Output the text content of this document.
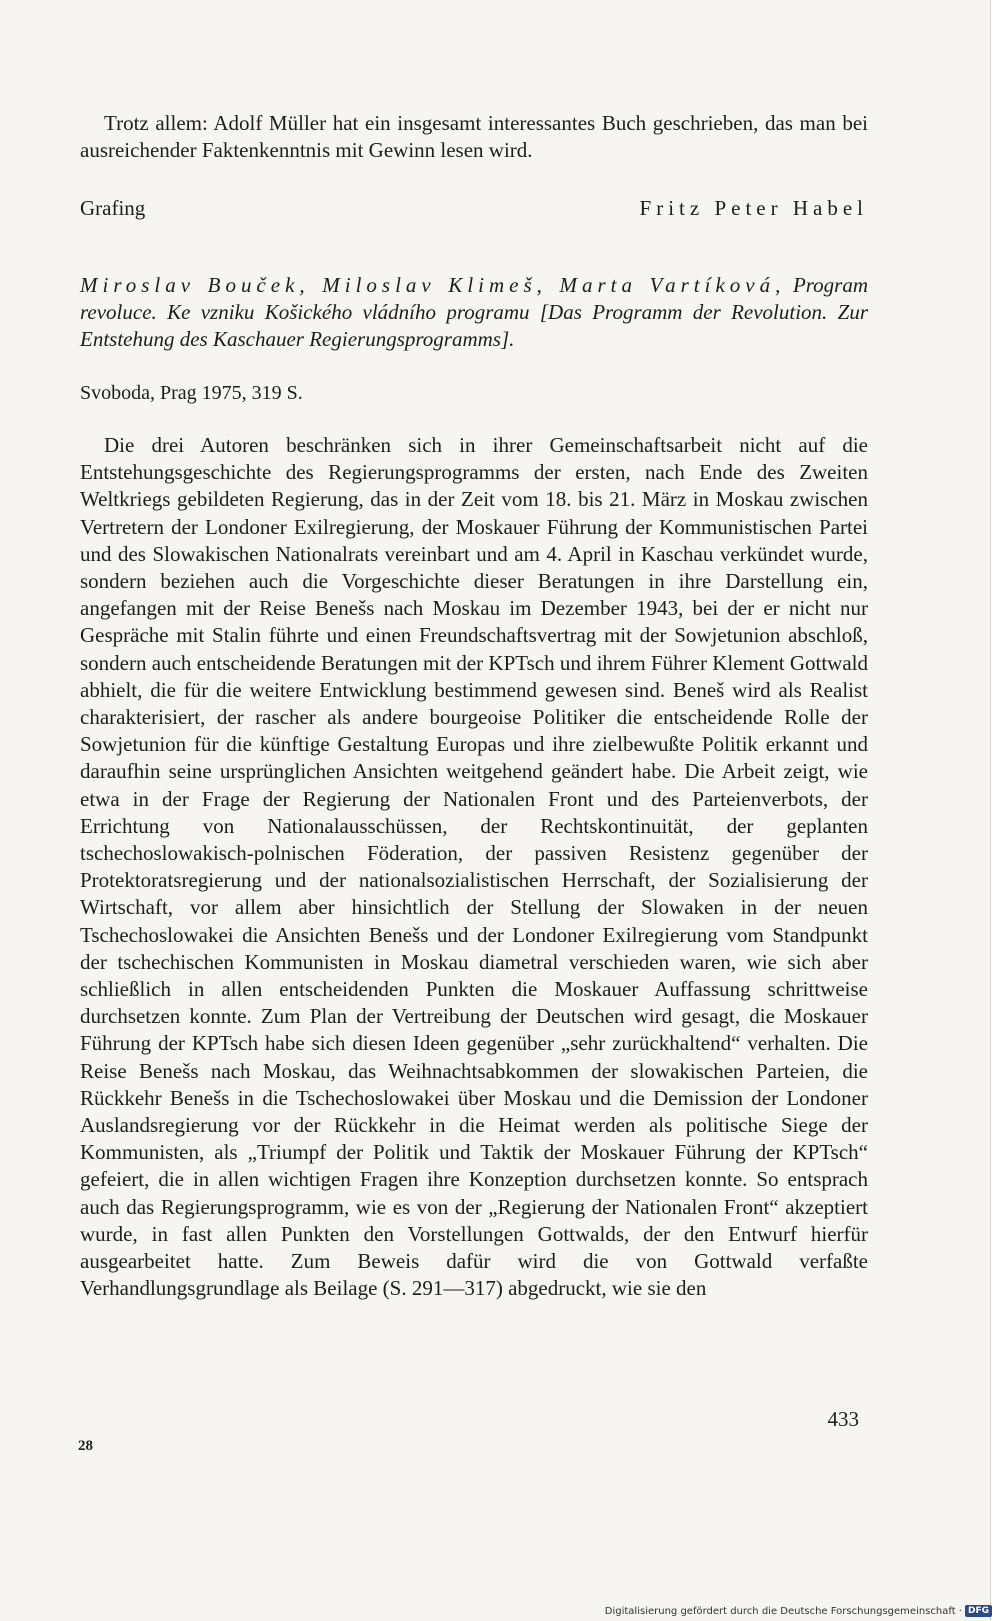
Trotz allem: Adolf Müller hat ein insgesamt interessantes Buch geschrieben, das man bei ausreichender Faktenkenntnis mit Gewinn lesen wird.

Grafing	Fritz Peter Habel

Miroslav Bouček, Miloslav Klimeš, Marta Vartíková, Program revoluce. Ke vzniku Košického vládního programu [Das Programm der Revolution. Zur Entstehung des Kaschauer Regierungsprogramms].

Svoboda, Prag 1975, 319 S.

Die drei Autoren beschränken sich in ihrer Gemeinschaftsarbeit nicht auf die Entstehungsgeschichte des Regierungsprogramms der ersten, nach Ende des Zweiten Weltkriegs gebildeten Regierung, das in der Zeit vom 18. bis 21. März in Moskau zwischen Vertretern der Londoner Exilregierung, der Moskauer Führung der Kommunistischen Partei und des Slowakischen Nationalrats vereinbart und am 4. April in Kaschau verkündet wurde, sondern beziehen auch die Vorgeschichte dieser Beratungen in ihre Darstellung ein, angefangen mit der Reise Benešs nach Moskau im Dezember 1943, bei der er nicht nur Gespräche mit Stalin führte und einen Freundschaftsvertrag mit der Sowjetunion abschloß, sondern auch entscheidende Beratungen mit der KPTsch und ihrem Führer Klement Gottwald abhielt, die für die weitere Entwicklung bestimmend gewesen sind. Beneš wird als Realist charakterisiert, der rascher als andere bourgeoise Politiker die entscheidende Rolle der Sowjetunion für die künftige Gestaltung Europas und ihre zielbewußte Politik erkannt und daraufhin seine ursprünglichen Ansichten weitgehend geändert habe. Die Arbeit zeigt, wie etwa in der Frage der Regierung der Nationalen Front und des Parteienverbots, der Errichtung von Nationalausschüssen, der Rechtskontinuität, der geplanten tschechoslowakisch-polnischen Föderation, der passiven Resistenz gegenüber der Protektoratsregierung und der nationalsozialistischen Herrschaft, der Sozialisierung der Wirtschaft, vor allem aber hinsichtlich der Stellung der Slowaken in der neuen Tschechoslowakei die Ansichten Benešs und der Londoner Exilregierung vom Standpunkt der tschechischen Kommunisten in Moskau diametral verschieden waren, wie sich aber schließlich in allen entscheidenden Punkten die Moskauer Auffassung schrittweise durchsetzen konnte. Zum Plan der Vertreibung der Deutschen wird gesagt, die Moskauer Führung der KPTsch habe sich diesen Ideen gegenüber „sehr zurückhaltend“ verhalten. Die Reise Benešs nach Moskau, das Weihnachtsabkommen der slowakischen Parteien, die Rückkehr Benešs in die Tschechoslowakei über Moskau und die Demission der Londoner Auslandsregierung vor der Rückkehr in die Heimat werden als politische Siege der Kommunisten, als „Triumpf der Politik und Taktik der Moskauer Führung der KPTsch“ gefeiert, die in allen wichtigen Fragen ihre Konzeption durchsetzen konnte. So entsprach auch das Regierungsprogramm, wie es von der „Regierung der Nationalen Front“ akzeptiert wurde, in fast allen Punkten den Vorstellungen Gottwalds, der den Entwurf hierfür ausgearbeitet hatte. Zum Beweis dafür wird die von Gottwald verfaßte Verhandlungsgrundlage als Beilage (S. 291—317) abgedruckt, wie sie den

433
28
Digitalisierung gefördert durch die Deutsche Forschungsgemeinschaft · DFG
